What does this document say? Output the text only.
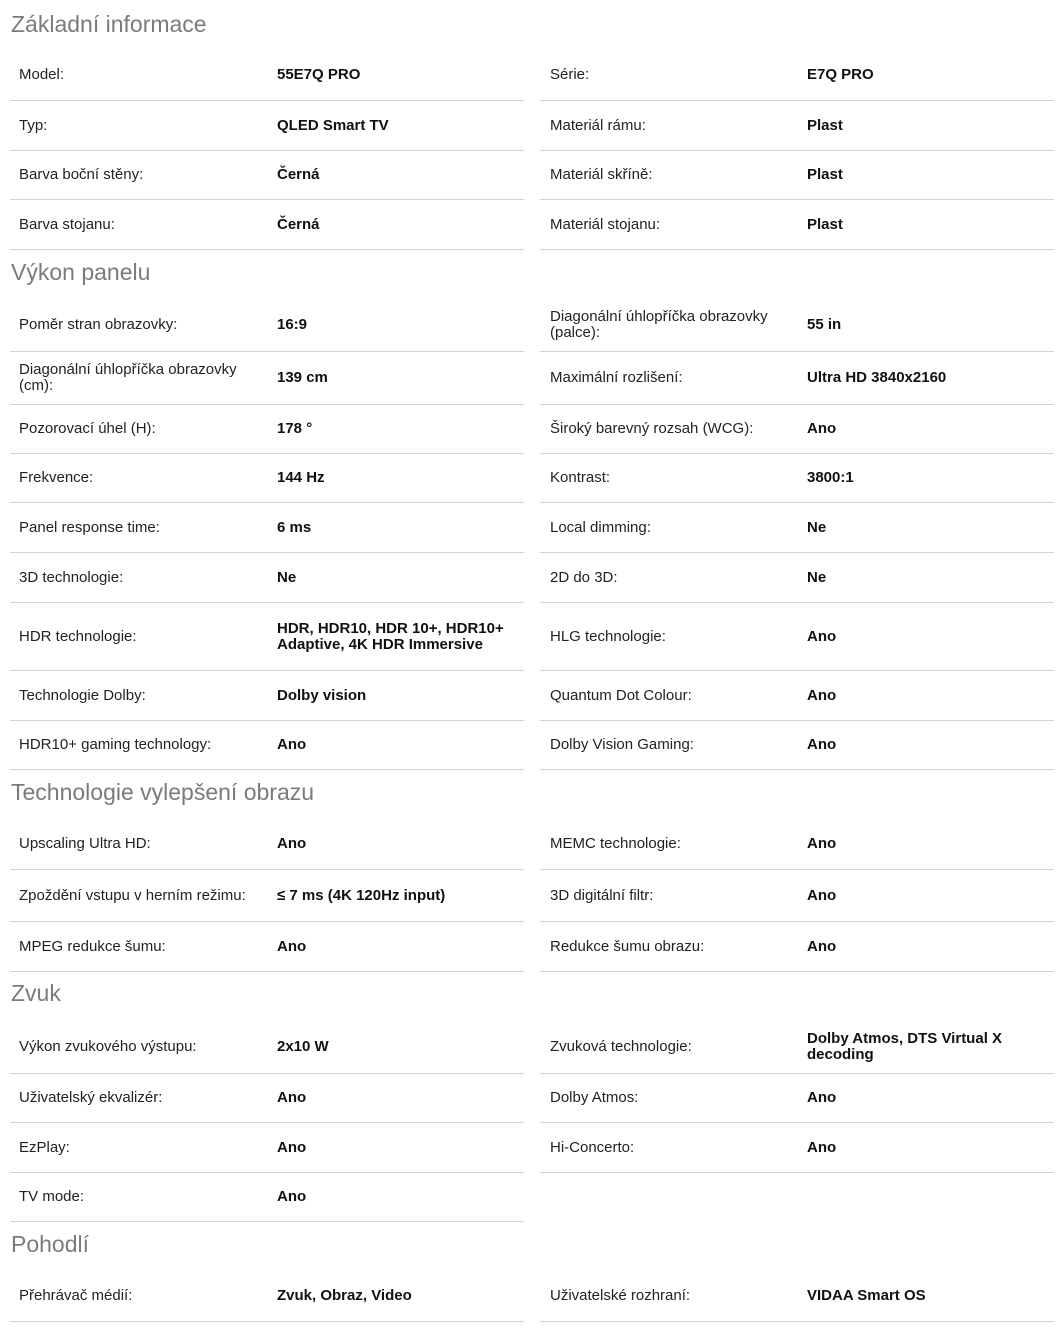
Základní informace
Model:	55E7Q PRO	Série:	E7Q PRO
Typ:	QLED Smart TV	Materiál rámu:	Plast
Barva boční stěny:	Černá	Materiál skříně:	Plast
Barva stojanu:	Černá	Materiál stojanu:	Plast
Výkon panelu
Poměr stran obrazovky:	16:9	Diagonální úhlopříčka obrazovky (palce):	55 in
Diagonální úhlopříčka obrazovky (cm):	139 cm	Maximální rozlišení:	Ultra HD 3840x2160
Pozorovací úhel (H):	178 °	Široký barevný rozsah (WCG):	Ano
Frekvence:	144 Hz	Kontrast:	3800:1
Panel response time:	6 ms	Local dimming:	Ne
3D technologie:	Ne	2D do 3D:	Ne
HDR technologie:	HDR, HDR10, HDR 10+, HDR10+ Adaptive, 4K HDR Immersive	HLG technologie:	Ano
Technologie Dolby:	Dolby vision	Quantum Dot Colour:	Ano
HDR10+ gaming technology:	Ano	Dolby Vision Gaming:	Ano
Technologie vylepšení obrazu
Upscaling Ultra HD:	Ano	MEMC technologie:	Ano
Zpoždění vstupu v herním režimu: ≤ 7 ms (4K 120Hz input)	3D digitální filtr:	Ano
MPEG redukce šumu:	Ano	Redukce šumu obrazu:	Ano
Zvuk
Výkon zvukového výstupu:	2x10 W	Zvuková technologie:	Dolby Atmos, DTS Virtual X decoding
Uživatelský ekvalizér:	Ano	Dolby Atmos:	Ano
EzPlay:	Ano	Hi-Concerto:	Ano
TV mode:	Ano
Pohodlí
Přehrávač médií:	Zvuk, Obraz, Video	Uživatelské rozhraní:	VIDAA Smart OS
